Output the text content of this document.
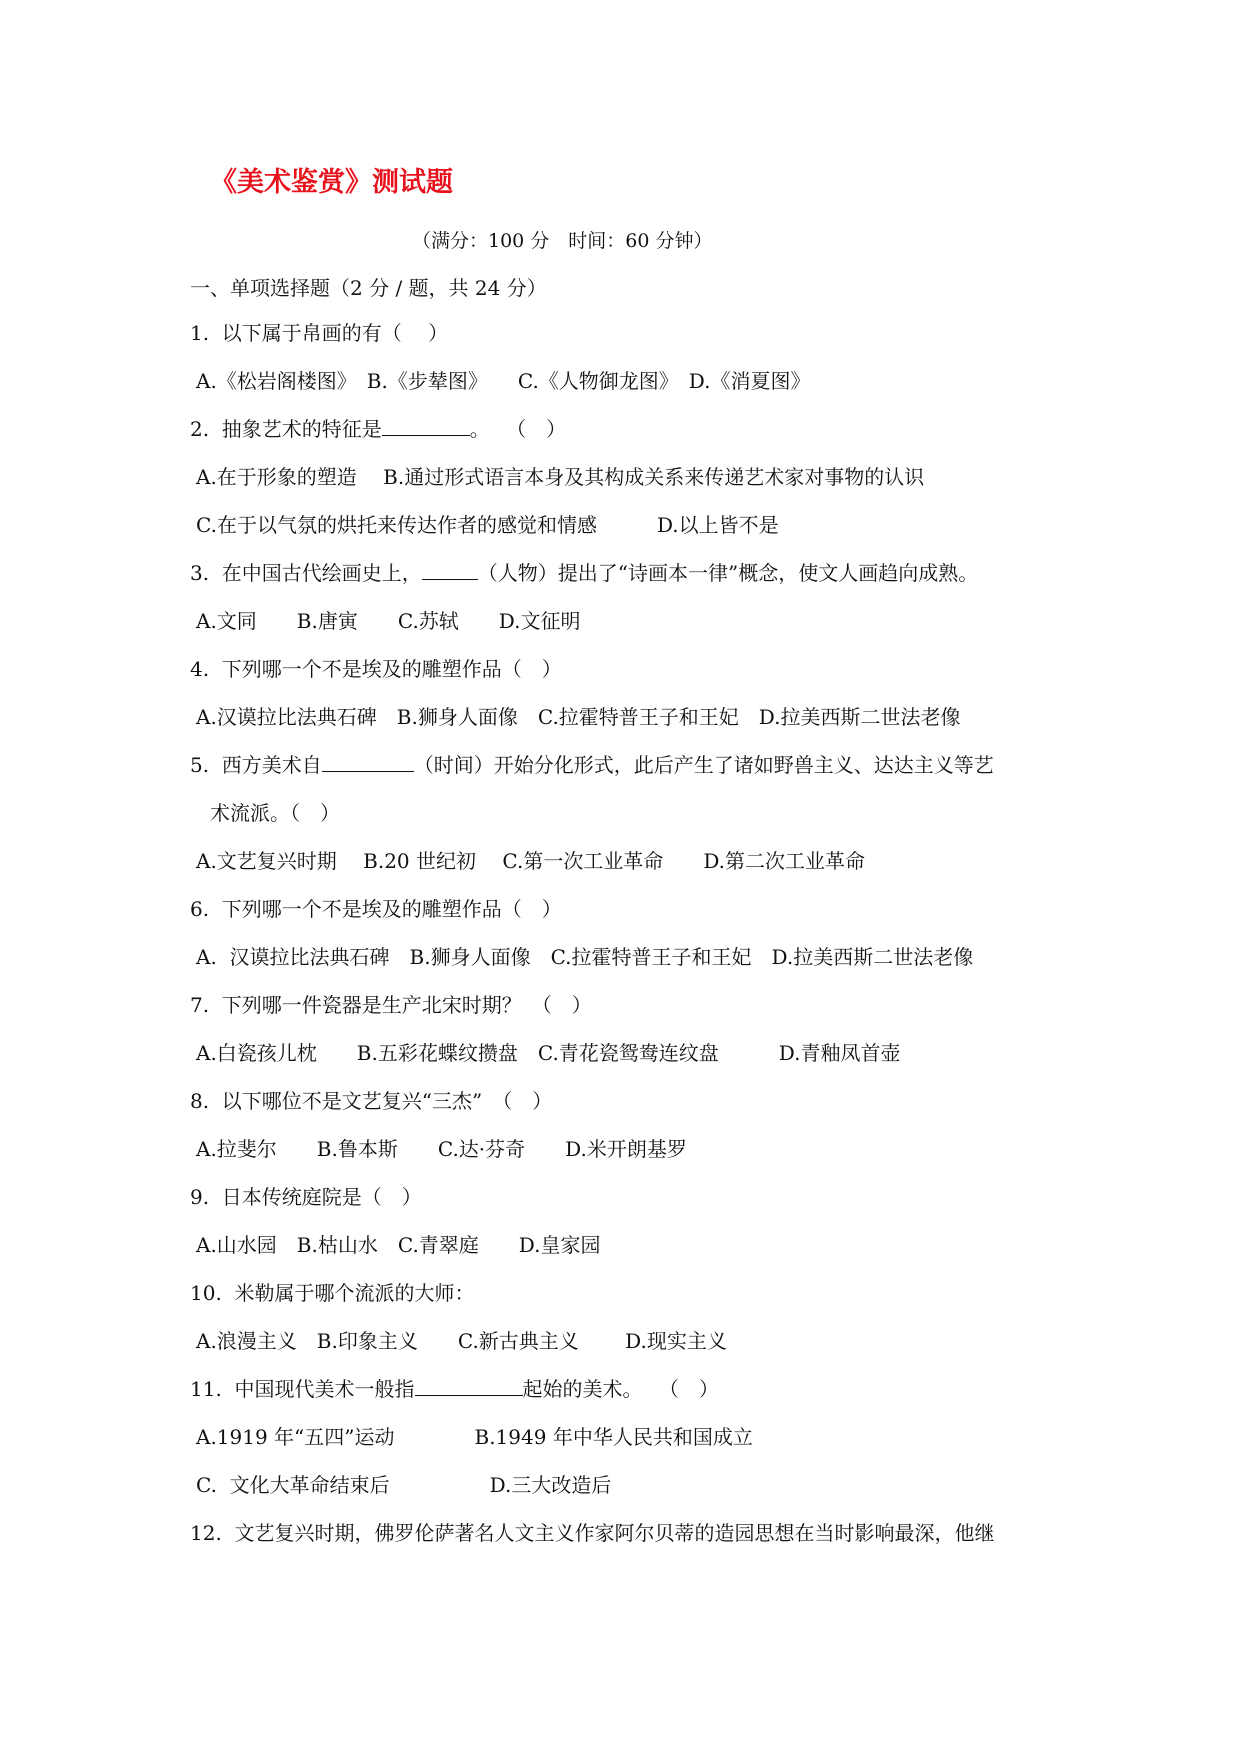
《美术鉴赏》测试题
（满分：100 分　时间：60 分钟）
一、单项选择题（2 分 / 题，共 24 分）
1.  以下属于帛画的有（　 ）
A.《松岩阁楼图》　B.《步辇图》　　C.《人物御龙图》　D.《消夏图》
2.  抽象艺术的特征是	。　 （　）
A.在于形象的塑造　 B.通过形式语言本身及其构成关系来传递艺术家对事物的认识
C.在于以气氛的烘托来传达作者的感觉和情感　　　D.以上皆不是
3.  在中国古代绘画史上，	（人物）提出了“诗画本一律”概念，使文人画趋向成熟。
A.文同　　B.唐寅　　C.苏轼　　D.文征明
4.  下列哪一个不是埃及的雕塑作品（　）
A.汉谟拉比法典石碑　B.狮身人面像　C.拉霍特普王子和王妃　D.拉美西斯二世法老像
5.  西方美术自	（时间）开始分化形式，此后产生了诸如野兽主义、达达主义等艺
术流派。（　）
A.文艺复兴时期　 B.20 世纪初　 C.第一次工业革命　　D.第二次工业革命
6.  下列哪一个不是埃及的雕塑作品（　）
A.  汉谟拉比法典石碑　B.狮身人面像　C.拉霍特普王子和王妃　D.拉美西斯二世法老像
7.  下列哪一件瓷器是生产北宋时期？　（　）
A.白瓷孩儿枕　　B.五彩花蝶纹攒盘　C.青花瓷鸳鸯连纹盘　　　D.青釉凤首壶
8.  以下哪位不是文艺复兴“三杰”　（　）
A.拉斐尔　　B.鲁本斯　　C.达·芬奇　　D.米开朗基罗
9.  日本传统庭院是（　）
A.山水园　B.枯山水　C.青翠庭　　D.皇家园
10.  米勒属于哪个流派的大师：
A.浪漫主义　B.印象主义　　C.新古典主义　　 D.现实主义
11.  中国现代美术一般指	起始的美术。　 （　）
A.1919 年“五四”运动　　　　B.1949 年中华人民共和国成立
C.  文化大革命结束后　　　　　D.三大改造后
12.  文艺复兴时期，佛罗伦萨著名人文主义作家阿尔贝蒂的造园思想在当时影响最深，他继
